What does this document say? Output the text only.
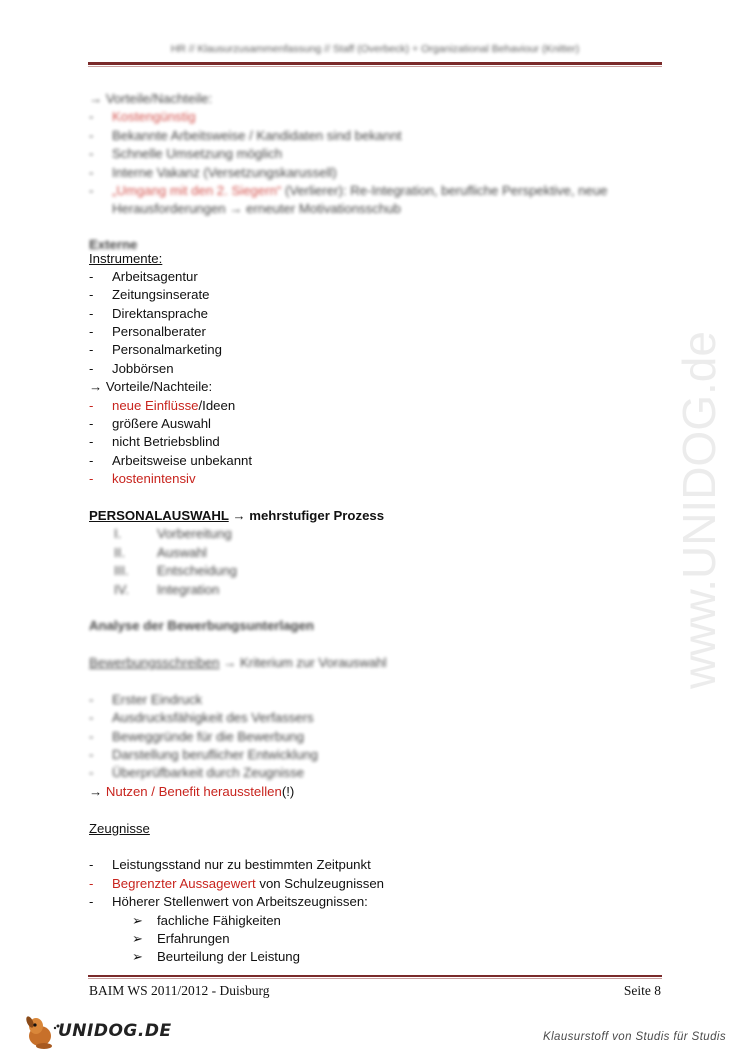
HR // Klausurzusammenfassung // Staff (Overbeck) + Organizational Behaviour (Knitter)
→ Vorteile/Nachteile:
- Kostengünstig
- Bekannte Arbeitsweise / Kandidaten sind bekannt
- Schnelle Umsetzung möglich
- Interne Vakanz (Versetzungskarussell)
- „Umgang mit den 2. Siegern“ (Verlierer): Re-Integration, berufliche Perspektive, neue
Herausforderungen → erneuter Motivationsschub
Externe
Instrumente:
- Arbeitsagentur
- Zeitungsinserate
- Direktansprache
- Personalberater
- Personalmarketing
- Jobbörsen
→ Vorteile/Nachteile:
- neue Einflüsse/Ideen
- größere Auswahl
- nicht Betriebsblind
- Arbeitsweise unbekannt
- kostenintensiv
PERSONALAUSWAHL → mehrstufiger Prozess
I.	Vorbereitung
II. Auswahl
III. Entscheidung
IV. Integration
Analyse der Bewerbungsunterlagen
Bewerbungsschreiben → Kriterium zur Vorauswahl
- Erster Eindruck
- Ausdrucksfähigkeit des Verfassers
- Beweggründe für die Bewerbung
- Darstellung beruflicher Entwicklung
- Überprüfbarkeit durch Zeugnisse
→ Nutzen / Benefit herausstellen(!)
Zeugnisse
- Leistungsstand nur zu bestimmten Zeitpunkt
- Begrenzter Aussagewert von Schulzeugnissen
- Höherer Stellenwert von Arbeitszeugnissen:
➢ fachliche Fähigkeiten
➢ Erfahrungen
➢ Beurteilung der Leistung
www.UNIDOG.de
BAIM WS 2011/2012 - Duisburg	Seite 8
UNIDOG.DE	Klausurstoff von Studis für Studis
